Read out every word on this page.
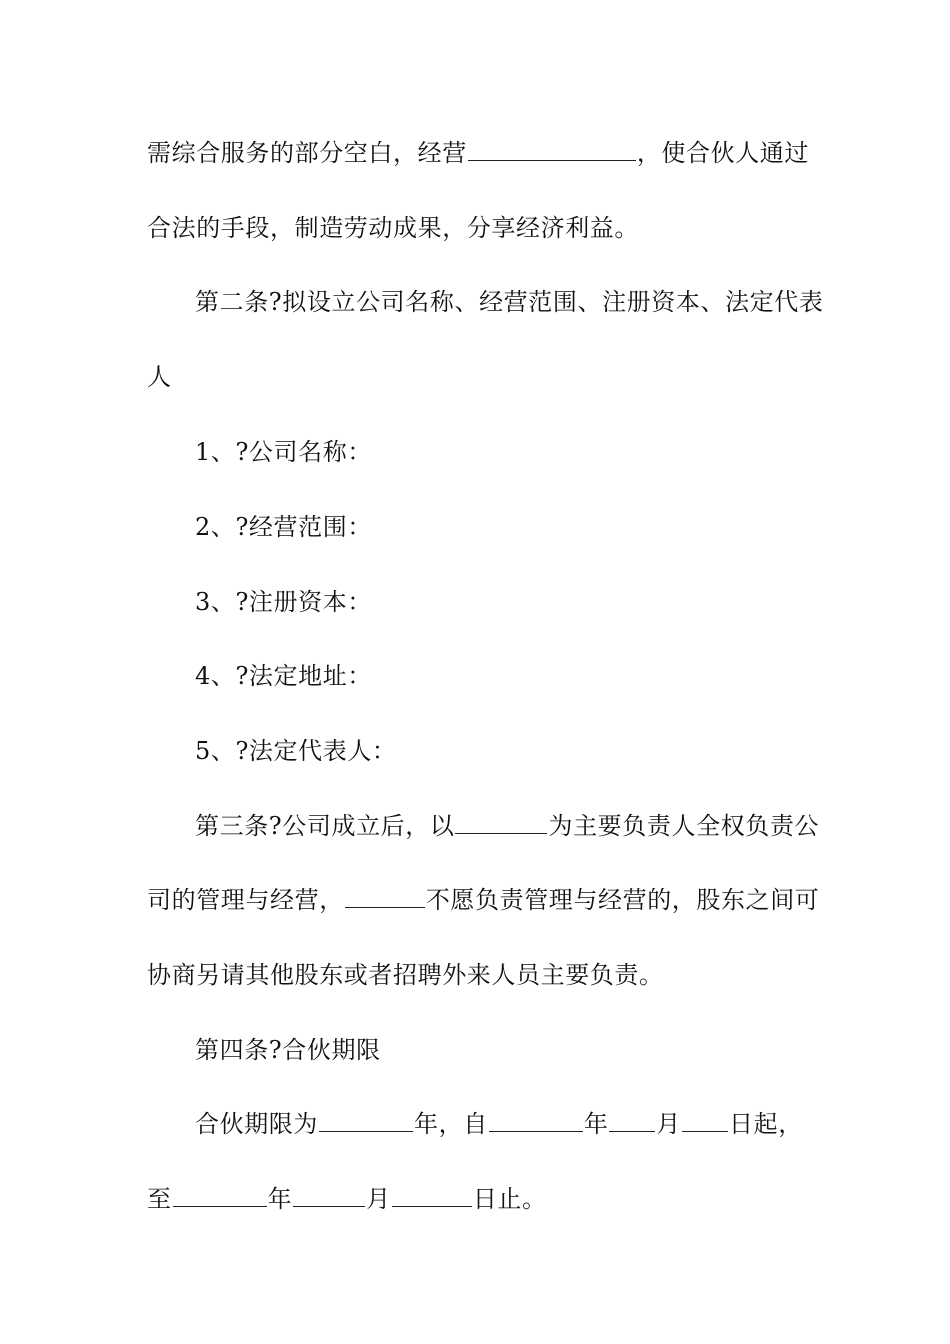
需综合服务的部分空白，经营	，使合伙人通过
合法的手段，制造劳动成果，分享经济利益。
第二条?拟设立公司名称、经营范围、注册资本、法定代表
人
1、?公司名称：
2、?经营范围：
3、?注册资本：
4、?法定地址：
5、?法定代表人：
第三条?公司成立后，以	为主要负责人全权负责公
司的管理与经营，	不愿负责管理与经营的，股东之间可
协商另请其他股东或者招聘外来人员主要负责。
第四条?合伙期限
合伙期限为	年，自	年 月 日起，
至	年	月	日止。
